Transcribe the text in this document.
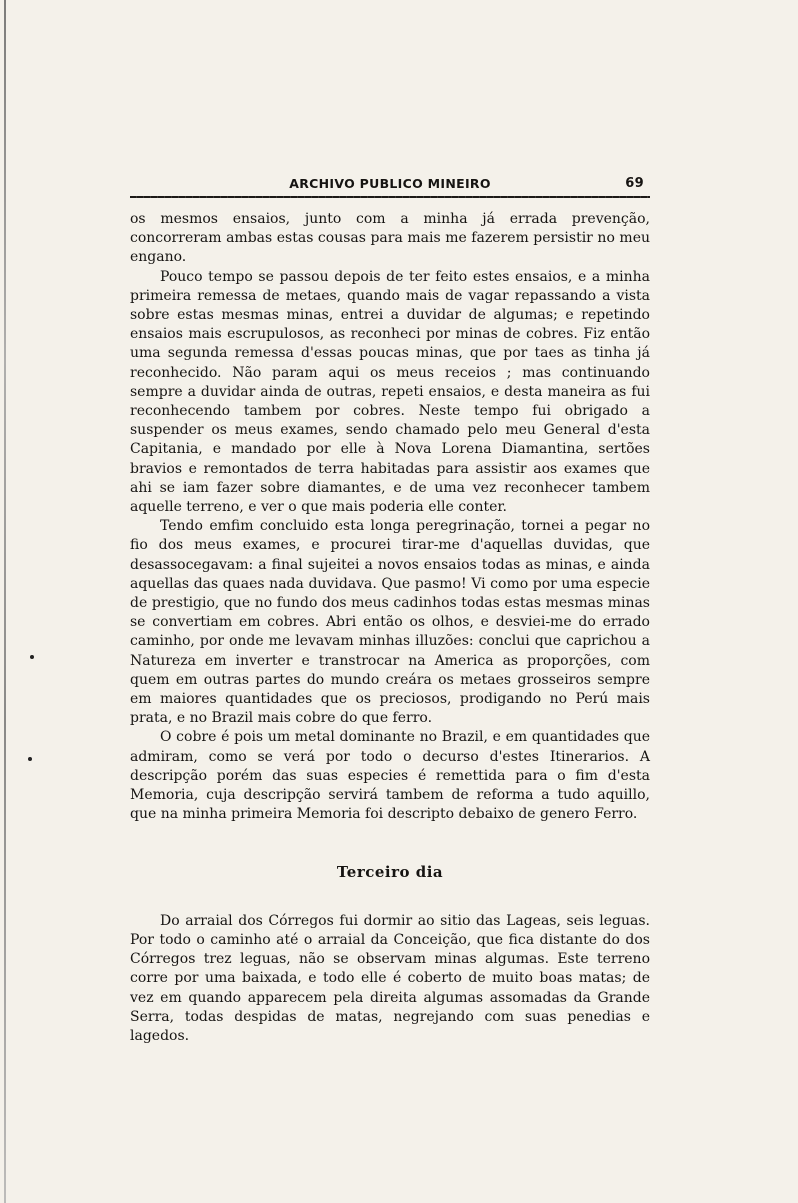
ARCHIVO PUBLICO MINEIRO	69

os mesmos ensaios, junto com a minha já errada prevenção, concorreram ambas estas cousas para mais me fazerem persistir no meu engano.

Pouco tempo se passou depois de ter feito estes ensaios, e a minha primeira remessa de metaes, quando mais de vagar repassando a vista sobre estas mesmas minas, entrei a duvidar de algumas; e repetindo ensaios mais escrupulosos, as reconheci por minas de cobres. Fiz então uma segunda remessa d'essas poucas minas, que por taes as tinha já reconhecido. Não param aqui os meus receios ; mas continuando sempre a duvidar ainda de outras, repeti ensaios, e desta maneira as fui reconhecendo tambem por cobres. Neste tempo fui obrigado a suspender os meus exames, sendo chamado pelo meu General d'esta Capitania, e mandado por elle à Nova Lorena Diamantina, sertões bravios e remontados de terra habitadas para assistir aos exames que ahi se iam fazer sobre diamantes, e de uma vez reconhecer tambem aquelle terreno, e ver o que mais poderia elle conter.

Tendo emfim concluido esta longa peregrinação, tornei a pegar no fio dos meus exames, e procurei tirar-me d'aquellas duvidas, que desassocegavam: a final sujeitei a novos ensaios todas as minas, e ainda aquellas das quaes nada duvidava. Que pasmo! Vi como por uma especie de prestigio, que no fundo dos meus cadinhos todas estas mesmas minas se convertiam em cobres. Abri então os olhos, e desviei-me do errado caminho, por onde me levavam minhas illuzões: conclui que caprichou a Natureza em inverter e transtrocar na America as proporções, com quem em outras partes do mundo creára os metaes grosseiros sempre em maiores quantidades que os preciosos, prodigando no Perú mais prata, e no Brazil mais cobre do que ferro.

O cobre é pois um metal dominante no Brazil, e em quantidades que admiram, como se verá por todo o decurso d'estes Itinerarios. A descripção porém das suas especies é remettida para o fim d'esta Memoria, cuja descripção servirá tambem de reforma a tudo aquillo, que na minha primeira Memoria foi descripto debaixo de genero Ferro.

Terceiro dia

Do arraial dos Córregos fui dormir ao sitio das Lageas, seis leguas. Por todo o caminho até o arraial da Conceição, que fica distante do dos Córregos trez leguas, não se observam minas algumas. Este terreno corre por uma baixada, e todo elle é coberto de muito boas matas; de vez em quando apparecem pela direita algumas assomadas da Grande Serra, todas despidas de matas, negrejando com suas penedias e lagedos.
